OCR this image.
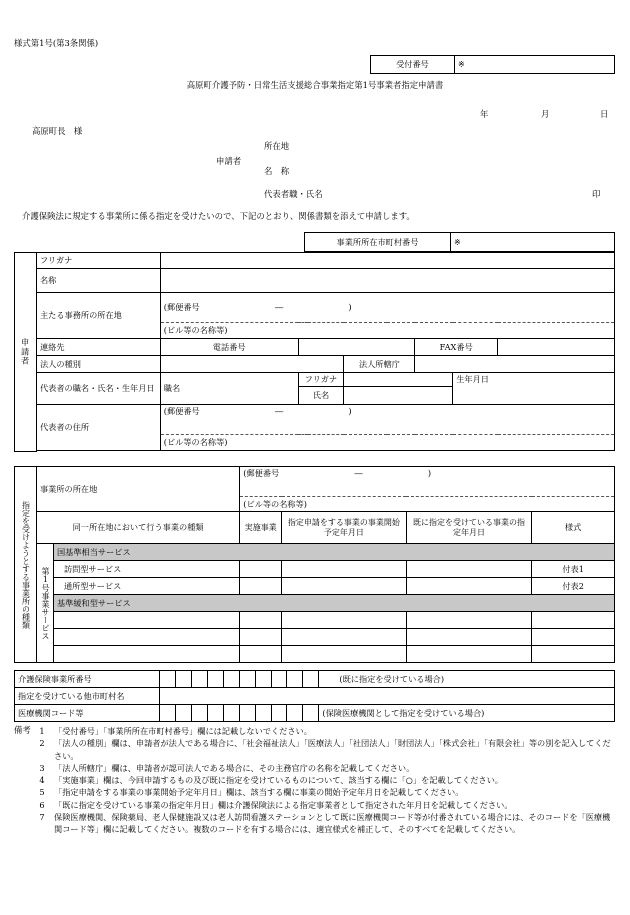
様式第1号(第3条関係)
受付番号	※
高原町介護予防・日常生活支援総合事業指定第1号事業者指定申請書
年	月	日
高原町長　様
申請者
所在地
名　称
代表者職・氏名	印
介護保険法に規定する事業所に係る指定を受けたいので、下記のとおり、関係書類を添えて申請します。
事業所所在市町村番号	※
申請者	フリガナ						
	名称						
	主たる事務所の所在地	(郵便番号 ― )					
		(ビル等の名称等)					
	連絡先	電話番号			FAX番号		
	法人の種別			法人所轄庁			
	代表者の職名・氏名・生年月日	職名	フリガナ			生年月日	
			氏名				
	代表者の住所	(郵便番号 ― )					
		(ビル等の名称等)					

指定を受けようとする事業所の種類	事業所の所在地		(郵便番号 ― )			
			(ビル等の名称等)			
	同一所在地において行う事業の種類		実施事業	指定申請をする事業の事業開始予定年月日	既に指定を受けている事業の指定年月日	様式
	第1号事業サービス	国基準相当サービス				
		訪問型サービス				付表1
		通所型サービス				付表2
		基準緩和型サービス				

介護保険事業所番号											(既に指定を受けている場合)
指定を受けている他市町村名											
医療機関コード等											(保険医療機関として指定を受けている場合)
備考	1	「受付番号」「事業所所在市町村番号」欄には記載しないでください。
2	「法人の種別」欄は、申請者が法人である場合に、「社会福祉法人」「医療法人」「社団法人」「財団法人」「株式会社」「有限会社」等の別を記入してください。
3	「法人所轄庁」欄は、申請者が認可法人である場合に、その主務官庁の名称を記載してください。
4	「実施事業」欄は、今回申請するもの及び既に指定を受けているものについて、該当する欄に「○」を記載してください。
5	「指定申請をする事業の事業開始予定年月日」欄は、該当する欄に事業の開始予定年月日を記載してください。
6	「既に指定を受けている事業の指定年月日」欄は介護保険法による指定事業者として指定された年月日を記載してください。
7	保険医療機関、保険薬局、老人保健施設又は老人訪問看護ステーションとして既に医療機関コード等が付番されている場合には、そのコードを「医療機関コード等」欄に記載してください。複数のコードを有する場合には、適宜様式を補正して、そのすべてを記載してください。
